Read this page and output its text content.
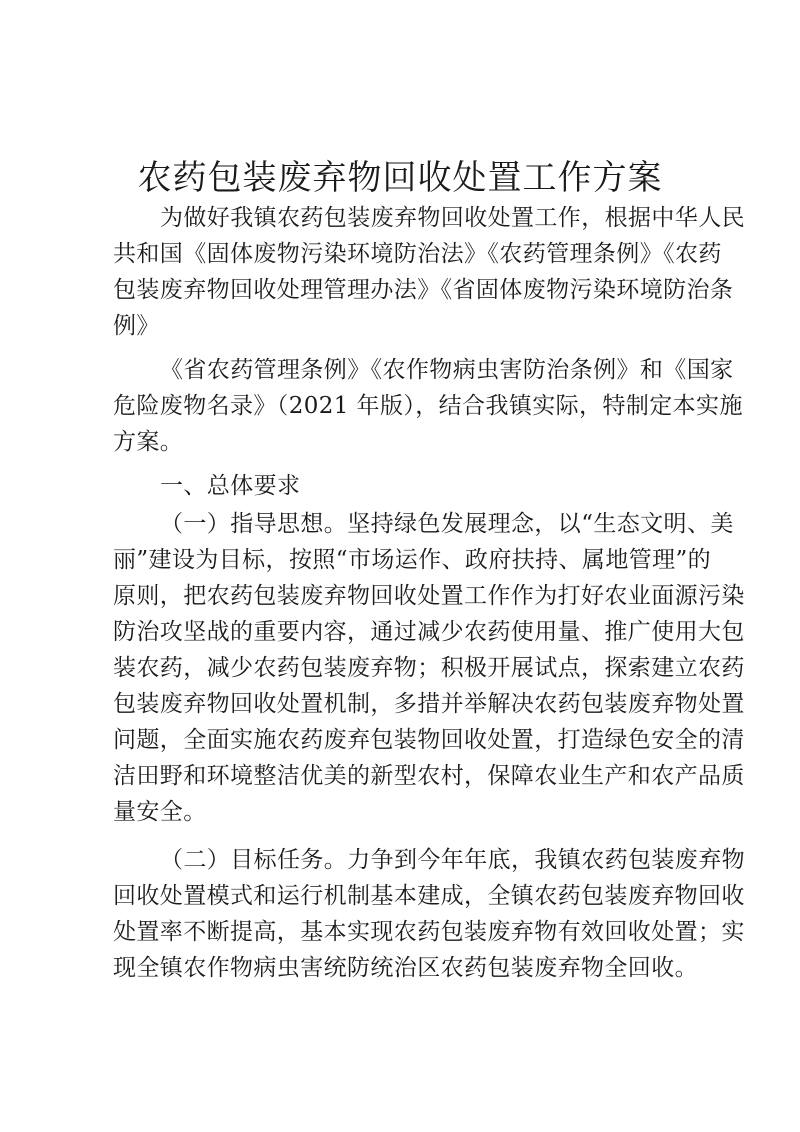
农药包装废弃物回收处置工作方案
为做好我镇农药包装废弃物回收处置工作，根据中华人民
共和国《固体废物污染环境防治法》《农药管理条例》《农药
包装废弃物回收处理管理办法》《省固体废物污染环境防治条
例》
《省农药管理条例》《农作物病虫害防治条例》和《国家
危险废物名录》（2021 年版），结合我镇实际，特制定本实施
方案。
一、总体要求
（一）指导思想。坚持绿色发展理念，以“生态文明、美
丽”建设为目标，按照“市场运作、政府扶持、属地管理”的
原则，把农药包装废弃物回收处置工作作为打好农业面源污染
防治攻坚战的重要内容，通过减少农药使用量、推广使用大包
装农药，减少农药包装废弃物；积极开展试点，探索建立农药
包装废弃物回收处置机制，多措并举解决农药包装废弃物处置
问题，全面实施农药废弃包装物回收处置，打造绿色安全的清
洁田野和环境整洁优美的新型农村，保障农业生产和农产品质
量安全。
（二）目标任务。力争到今年年底，我镇农药包装废弃物
回收处置模式和运行机制基本建成，全镇农药包装废弃物回收
处置率不断提高，基本实现农药包装废弃物有效回收处置；实
现全镇农作物病虫害统防统治区农药包装废弃物全回收。
